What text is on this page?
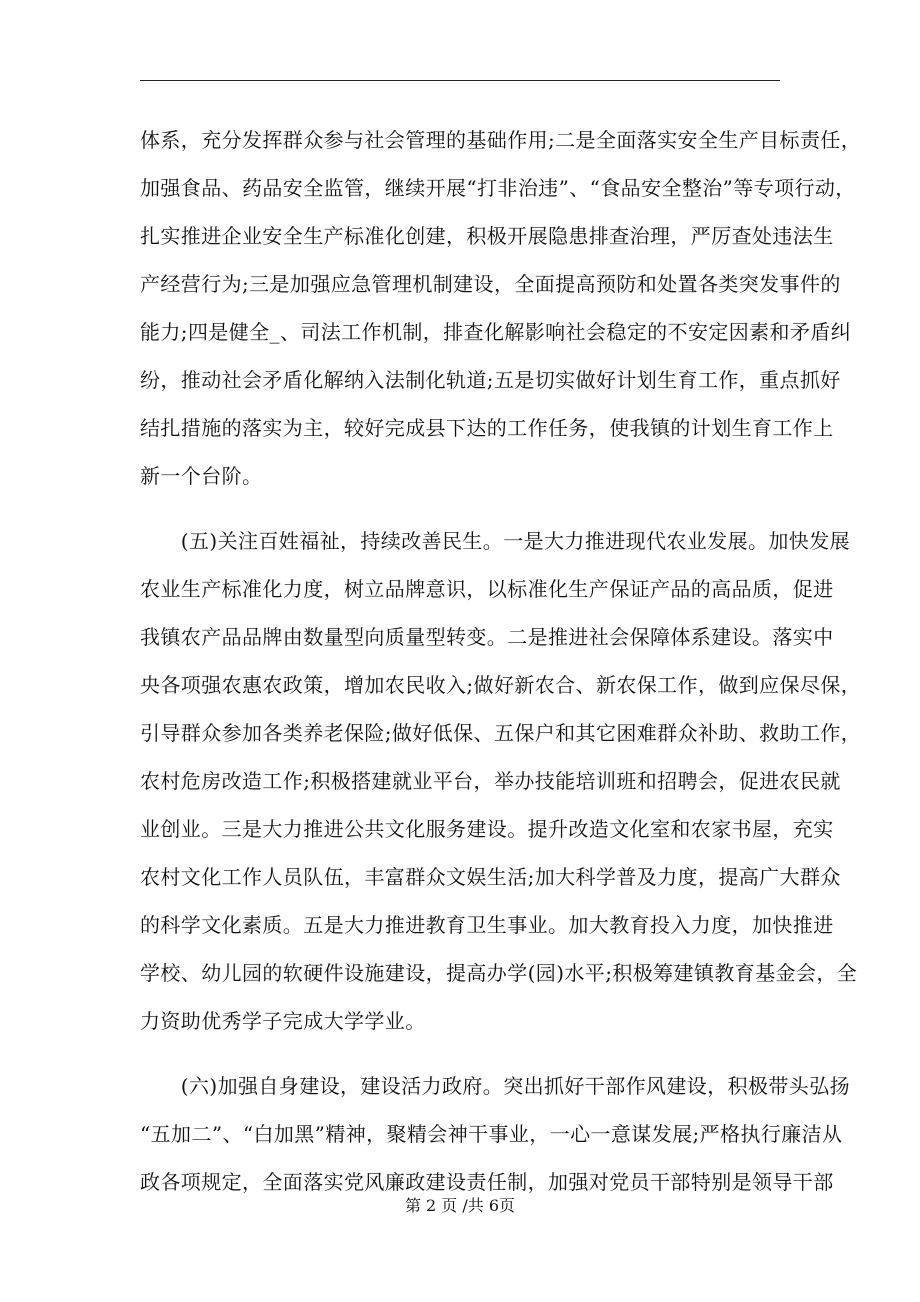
体系，充分发挥群众参与社会管理的基础作用;二是全面落实安全生产目标责任，
加强食品、药品安全监管，继续开展“打非治违”、“食品安全整治”等专项行动，
扎实推进企业安全生产标准化创建，积极开展隐患排查治理，严厉查处违法生
产经营行为;三是加强应急管理机制建设，全面提高预防和处置各类突发事件的
能力;四是健全_、司法工作机制，排查化解影响社会稳定的不安定因素和矛盾纠
纷，推动社会矛盾化解纳入法制化轨道;五是切实做好计划生育工作，重点抓好
结扎措施的落实为主，较好完成县下达的工作任务，使我镇的计划生育工作上
新一个台阶。
　　(五)关注百姓福祉，持续改善民生。一是大力推进现代农业发展。加快发展
农业生产标准化力度，树立品牌意识，以标准化生产保证产品的高品质，促进
我镇农产品品牌由数量型向质量型转变。二是推进社会保障体系建设。落实中
央各项强农惠农政策，增加农民收入;做好新农合、新农保工作，做到应保尽保，
引导群众参加各类养老保险;做好低保、五保户和其它困难群众补助、救助工作，
农村危房改造工作;积极搭建就业平台，举办技能培训班和招聘会，促进农民就
业创业。三是大力推进公共文化服务建设。提升改造文化室和农家书屋，充实
农村文化工作人员队伍，丰富群众文娱生活;加大科学普及力度，提高广大群众
的科学文化素质。五是大力推进教育卫生事业。加大教育投入力度，加快推进
学校、幼儿园的软硬件设施建设，提高办学(园)水平;积极筹建镇教育基金会，全
力资助优秀学子完成大学学业。
　　(六)加强自身建设，建设活力政府。突出抓好干部作风建设，积极带头弘扬
“五加二”、“白加黑”精神，聚精会神干事业，一心一意谋发展;严格执行廉洁从
政各项规定，全面落实党风廉政建设责任制，加强对党员干部特别是领导干部
第 2 页 /共 6页
